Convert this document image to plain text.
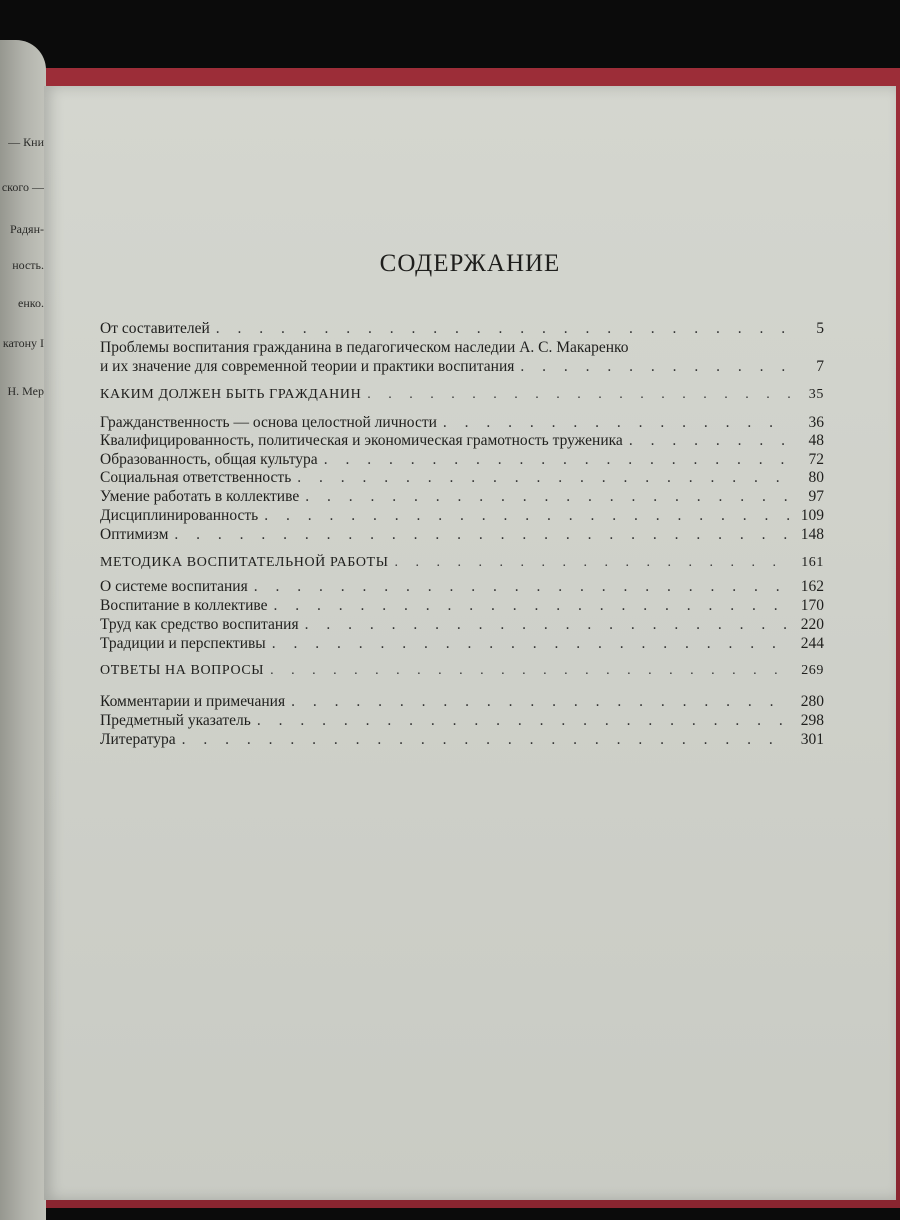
— Кни
ского —
Радян-
ность.
енко.
катону І
Н. Мер
СОДЕРЖАНИЕ
От составителей . . .	5
Проблемы воспитания гражданина в педагогическом наследии А. С. Макаренко
и их значение для современной теории и практики воспитания . . .	7
КАКИМ ДОЛЖЕН БЫТЬ ГРАЖДАНИН . . .	35
Гражданственность — основа целостной личности . . .	36
Квалифицированность, политическая и экономическая грамотность труженика . . .	48
Образованность, общая культура . . .	72
Социальная ответственность . . .	80
Умение работать в коллективе . . .	97
Дисциплинированность . . .	109
Оптимизм . . .	148
МЕТОДИКА ВОСПИТАТЕЛЬНОЙ РАБОТЫ . . .	161
О системе воспитания . . .	162
Воспитание в коллективе . . .	170
Труд как средство воспитания . . .	220
Традиции и перспективы . . .	244
ОТВЕТЫ НА ВОПРОСЫ . . .	269
Комментарии и примечания . . .	280
Предметный указатель . . .	298
Литература . . .	301
